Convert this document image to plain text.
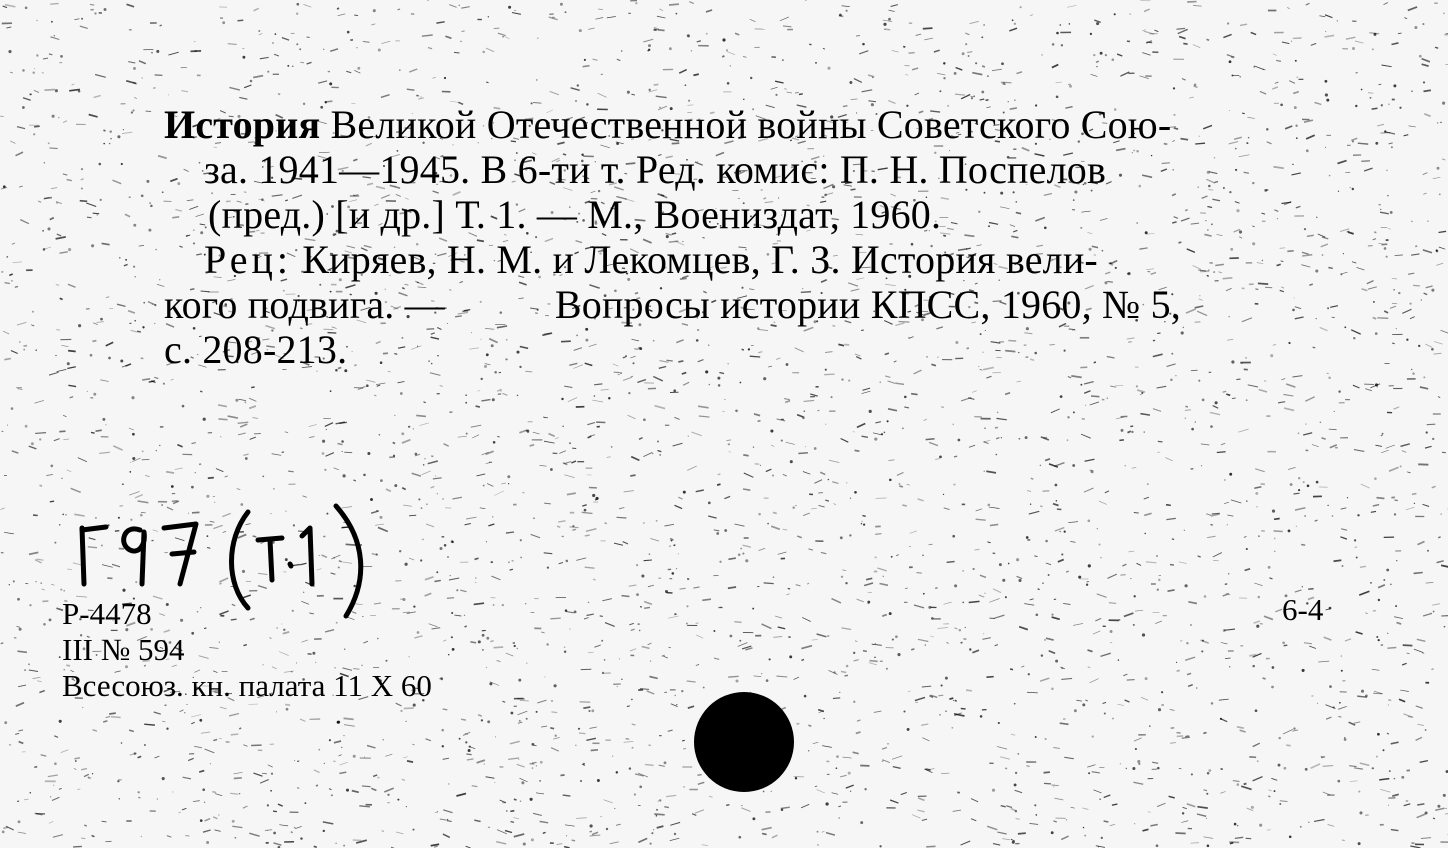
История Великой Отечественной войны Советского Сою-
за. 1941—1945. В 6-ти т. Ред. комис: П. Н. Поспелов
(пред.) [и др.] Т. 1. — М., Воениздат, 1960.
Рец: Киряев, Н. М. и Лекомцев, Г. З. История вели-
кого подвига. —	Вопросы истории КПСС, 1960, № 5,
с. 208-213.
Р-4478
III № 594
Всесоюз. кн. палата 11 X 60
6-4
